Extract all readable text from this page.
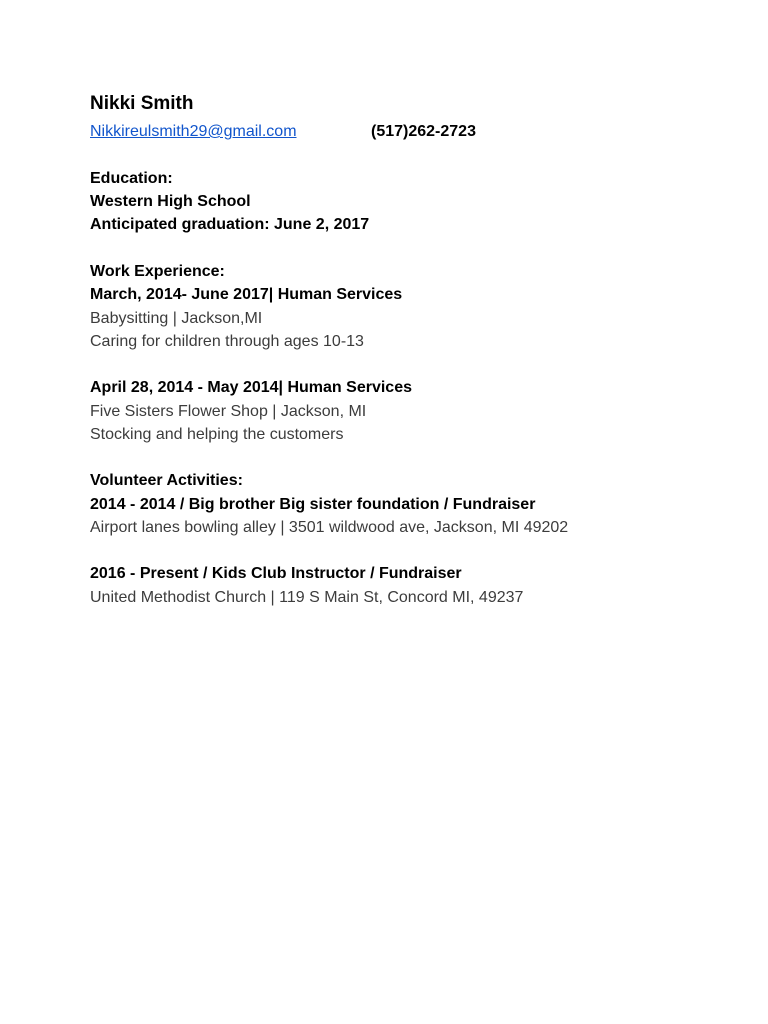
Nikki Smith
Nikkireulsmith29@gmail.com	(517)262-2723
Education:
Western High School
Anticipated graduation: June 2, 2017
Work Experience:
March, 2014- June 2017| Human Services
Babysitting | Jackson,MI
Caring for children through ages 10-13
April 28, 2014 - May 2014| Human Services
Five Sisters Flower Shop | Jackson, MI
Stocking and helping the customers
Volunteer Activities:
2014 - 2014 / Big brother Big sister foundation / Fundraiser
Airport lanes bowling alley | 3501 wildwood ave, Jackson, MI 49202
2016 - Present / Kids Club Instructor / Fundraiser
United Methodist Church | 119 S Main St, Concord MI, 49237
